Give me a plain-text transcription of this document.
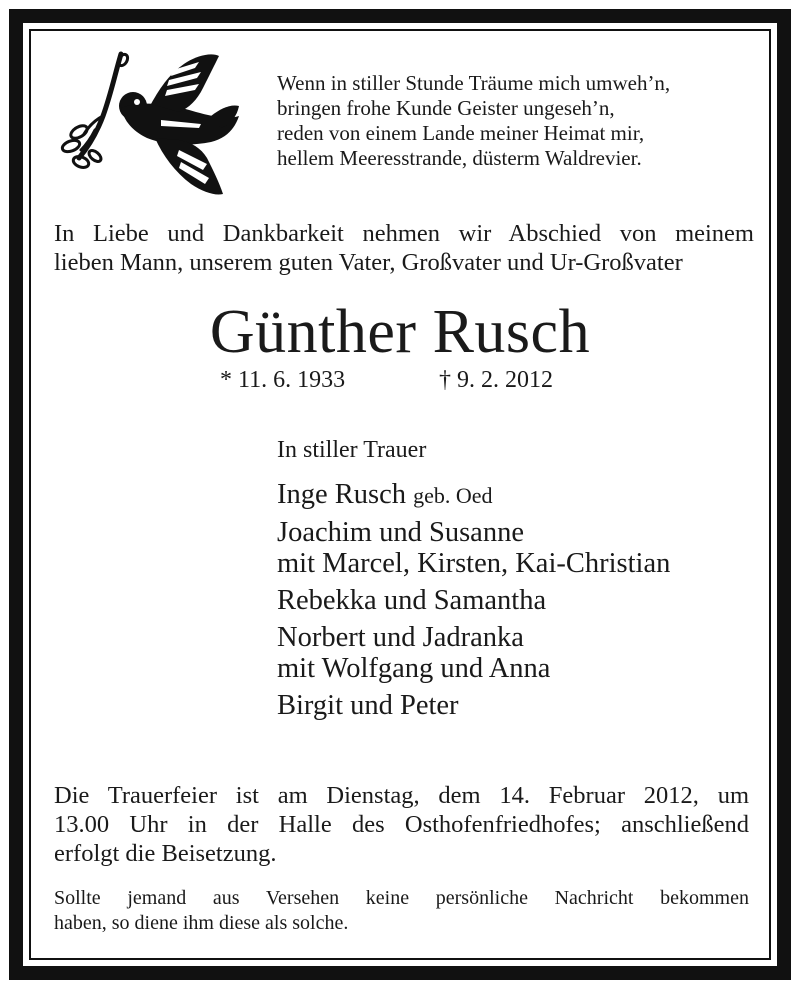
Wenn in stiller Stunde Träume mich umweh’n,
bringen frohe Kunde Geister ungeseh’n,
reden von einem Lande meiner Heimat mir,
hellem Meeresstrande, düsterm Waldrevier.
In Liebe und Dankbarkeit nehmen wir Abschied von meinem
lieben Mann, unserem guten Vater, Großvater und Ur-Großvater
Günther Rusch
* 11. 6. 1933	† 9. 2. 2012
In stiller Trauer
Inge Rusch geb. Oed
Joachim und Susanne
mit Marcel, Kirsten, Kai-Christian
Rebekka und Samantha
Norbert und Jadranka
mit Wolfgang und Anna
Birgit und Peter
Die Trauerfeier ist am Dienstag, dem 14. Februar 2012, um
13.00 Uhr in der Halle des Osthofenfriedhofes; anschließend
erfolgt die Beisetzung.
Sollte jemand aus Versehen keine persönliche Nachricht bekommen
haben, so diene ihm diese als solche.
